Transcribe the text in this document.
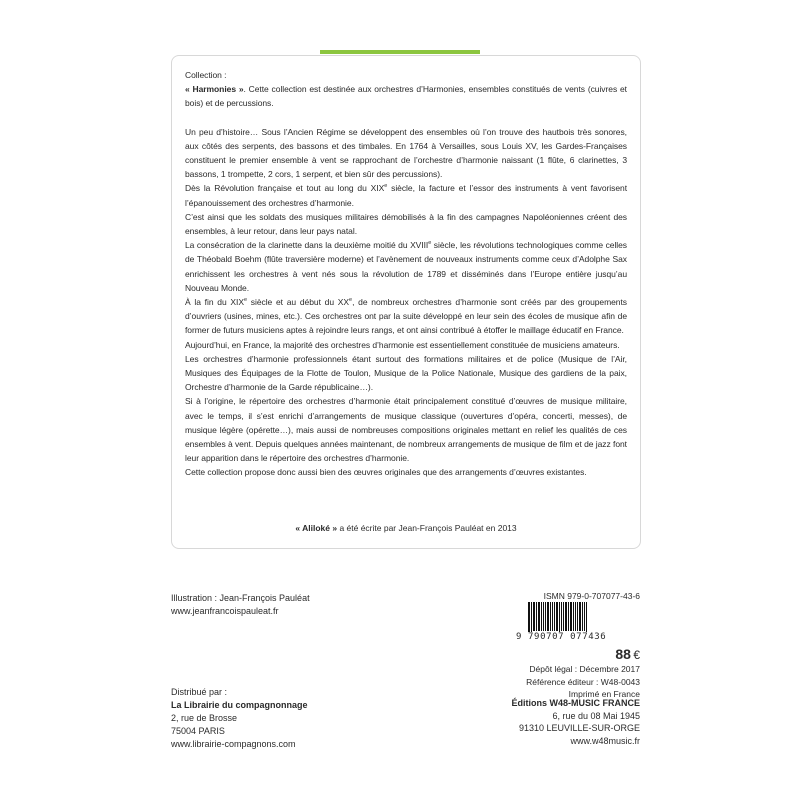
Collection :

« Harmonies ». Cette collection est destinée aux orchestres d’Harmonies, ensembles constitués de vents (cuivres et bois) et de percussions.

Un peu d’histoire… Sous l’Ancien Régime se développent des ensembles où l’on trouve des hautbois très sonores, aux côtés des serpents, des bassons et des timbales. En 1764 à Versailles, sous Louis XV, les Gardes-Françaises constituent le premier ensemble à vent se rapprochant de l’orchestre d’harmonie naissant (1 flûte, 6 clarinettes, 3 bassons, 1 trompette, 2 cors, 1 serpent, et bien sûr des percussions).

Dès la Révolution française et tout au long du XIXe siècle, la facture et l’essor des instruments à vent favorisent l’épanouissement des orchestres d’harmonie.

C’est ainsi que les soldats des musiques militaires démobilisés à la fin des campagnes Napoléoniennes créent des ensembles, à leur retour, dans leur pays natal.

La consécration de la clarinette dans la deuxième moitié du XVIIIe siècle, les révolutions technologiques comme celles de Théobald Boehm (flûte traversière moderne) et l’avènement de nouveaux instruments comme ceux d’Adolphe Sax enrichissent les orchestres à vent nés sous la révolution de 1789 et disséminés dans l’Europe entière jusqu’au Nouveau Monde.

À la fin du XIXe siècle et au début du XXe, de nombreux orchestres d’harmonie sont créés par des groupements d’ouvriers (usines, mines, etc.). Ces orchestres ont par la suite développé en leur sein des écoles de musique afin de former de futurs musiciens aptes à rejoindre leurs rangs, et ont ainsi contribué à étoffer le maillage éducatif en France.

Aujourd’hui, en France, la majorité des orchestres d’harmonie est essentiellement constituée de musiciens amateurs.

Les orchestres d’harmonie professionnels étant surtout des formations militaires et de police (Musique de l’Air, Musiques des Équipages de la Flotte de Toulon, Musique de la Police Nationale, Musique des gardiens de la paix, Orchestre d’harmonie de la Garde républicaine…).

Si à l’origine, le répertoire des orchestres d’harmonie était principalement constitué d’œuvres de musique militaire, avec le temps, il s’est enrichi d’arrangements de musique classique (ouvertures d’opéra, concerti, messes), de musique légère (opérette…), mais aussi de nombreuses compositions originales mettant en relief les qualités de ces ensembles à vent. Depuis quelques années maintenant, de nombreux arrangements de musique de film et de jazz font leur apparition dans le répertoire des orchestres d’harmonie.

Cette collection propose donc aussi bien des œuvres originales que des arrangements d’œuvres existantes.

« Aliloké » a été écrite par Jean-François Pauléat en 2013
Illustration : Jean-François Pauléat
www.jeanfrancoispauleat.fr
Distribué par :
La Librairie du compagnonnage
2, rue de Brosse
75004 PARIS
www.librairie-compagnons.com
ISMN 979-0-707077-43-6
9 790707 077436
88 €
Dépôt légal : Décembre 2017
Référence éditeur : W48-0043
Imprimé en France
Éditions W48-MUSIC FRANCE
6, rue du 08 Mai 1945
91310 LEUVILLE-SUR-ORGE
www.w48music.fr
